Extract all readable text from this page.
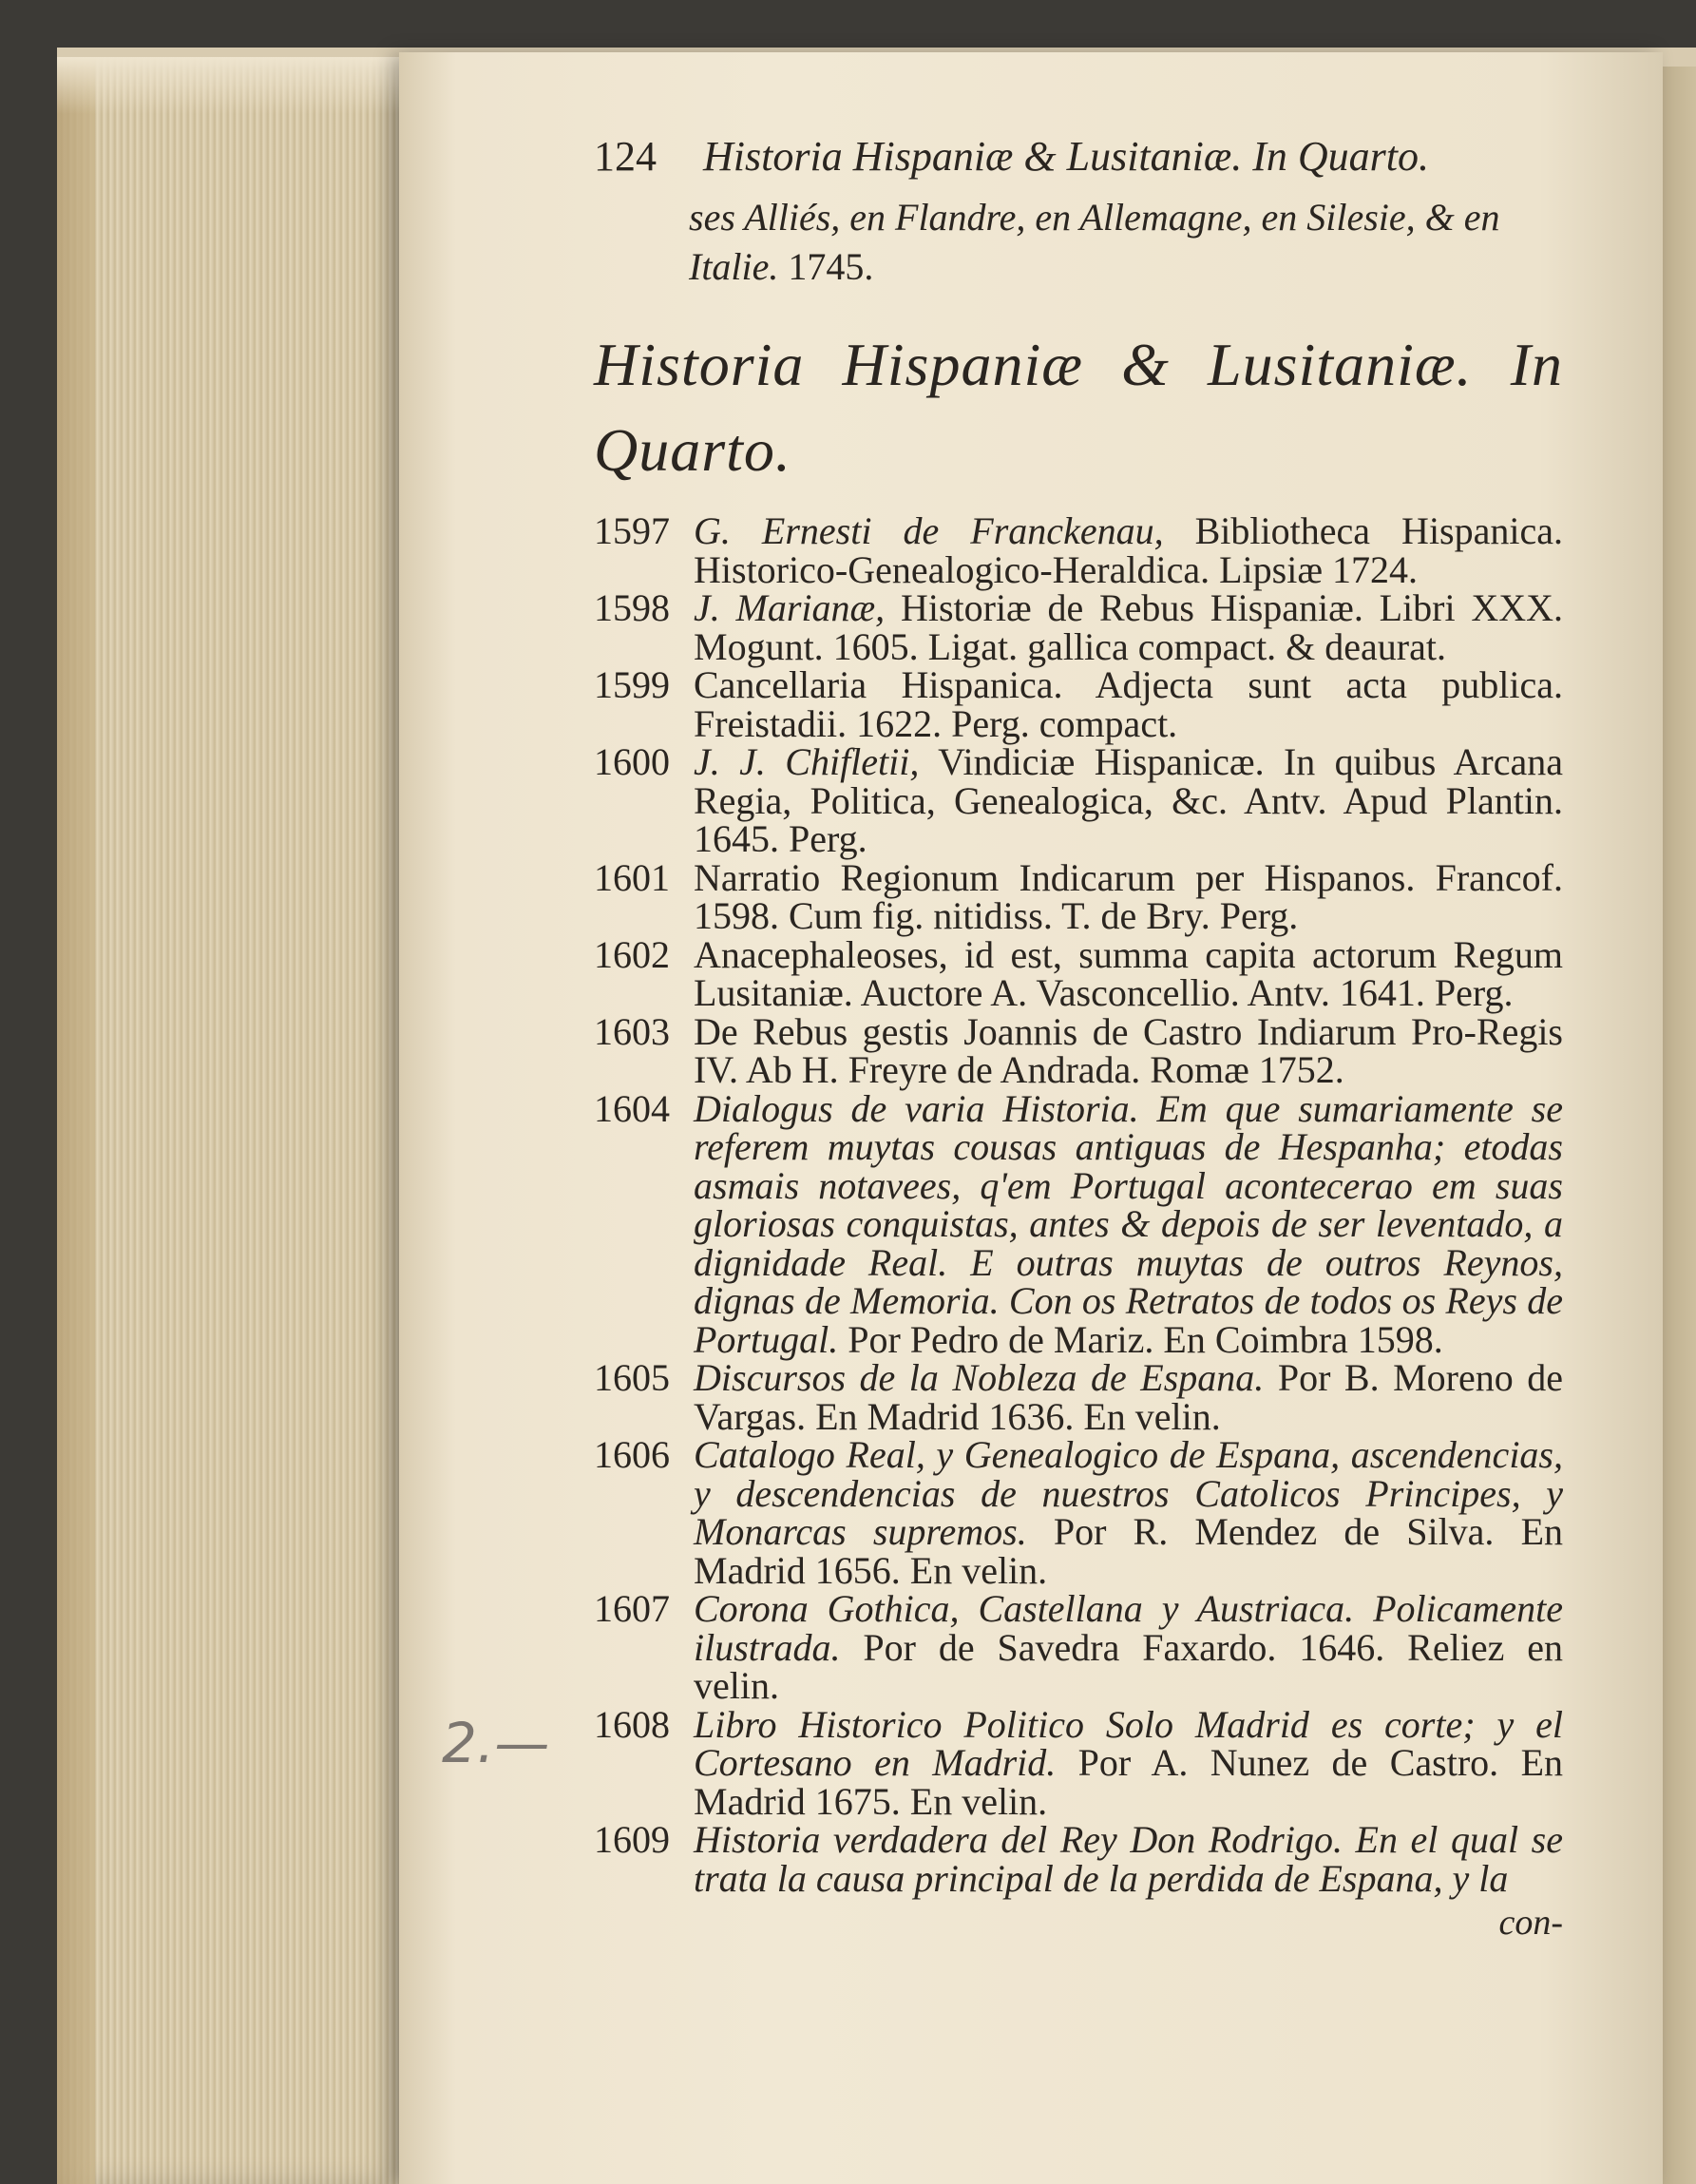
2.—
124 Historia Hispaniæ & Lusitaniæ. In Quarto.
ses Alliés, en Flandre, en Allemagne, en Silesie, & en Italie. 1745.
Historia Hispaniæ & Lusitaniæ. In Quarto.
1597 G. Ernesti de Franckenau, Bibliotheca Hispanica. Historico-Genealogico-Heraldica. Lipsiæ 1724.
1598 J. Marianæ, Historiæ de Rebus Hispaniæ. Libri XXX. Mogunt. 1605. Ligat. gallica compact. & deaurat.
1599 Cancellaria Hispanica. Adjecta sunt acta publica. Freistadii. 1622. Perg. compact.
1600 J. J. Chifletii, Vindiciæ Hispanicæ. In quibus Arcana Regia, Politica, Genealogica, &c. Antv. Apud Plantin. 1645. Perg.
1601 Narratio Regionum Indicarum per Hispanos. Francof. 1598. Cum fig. nitidiss. T. de Bry. Perg.
1602 Anacephaleoses, id est, summa capita actorum Regum Lusitaniæ. Auctore A. Vasconcellio. Antv. 1641. Perg.
1603 De Rebus gestis Joannis de Castro Indiarum Pro-Regis IV. Ab H. Freyre de Andrada. Romæ 1752.
1604 Dialogus de varia Historia. Em que sumariamente se referem muytas cousas antiguas de Hespanha; etodas asmais notavees, q'em Portugal acontecerao em suas gloriosas conquistas, antes & depois de ser leventado, a dignidade Real. E outras muytas de outros Reynos, dignas de Memoria. Con os Retratos de todos os Reys de Portugal. Por Pedro de Mariz. En Coimbra 1598.
1605 Discursos de la Nobleza de Espana. Por B. Moreno de Vargas. En Madrid 1636. En velin.
1606 Catalogo Real, y Genealogico de Espana, ascendencias, y descendencias de nuestros Catolicos Principes, y Monarcas supremos. Por R. Mendez de Silva. En Madrid 1656. En velin.
1607 Corona Gothica, Castellana y Austriaca. Policamente ilustrada. Por de Savedra Faxardo. 1646. Reliez en velin.
1608 Libro Historico Politico Solo Madrid es corte; y el Cortesano en Madrid. Por A. Nunez de Castro. En Madrid 1675. En velin.
1609 Historia verdadera del Rey Don Rodrigo. En el qual se trata la causa principal de la perdida de Espana, y la
con-
